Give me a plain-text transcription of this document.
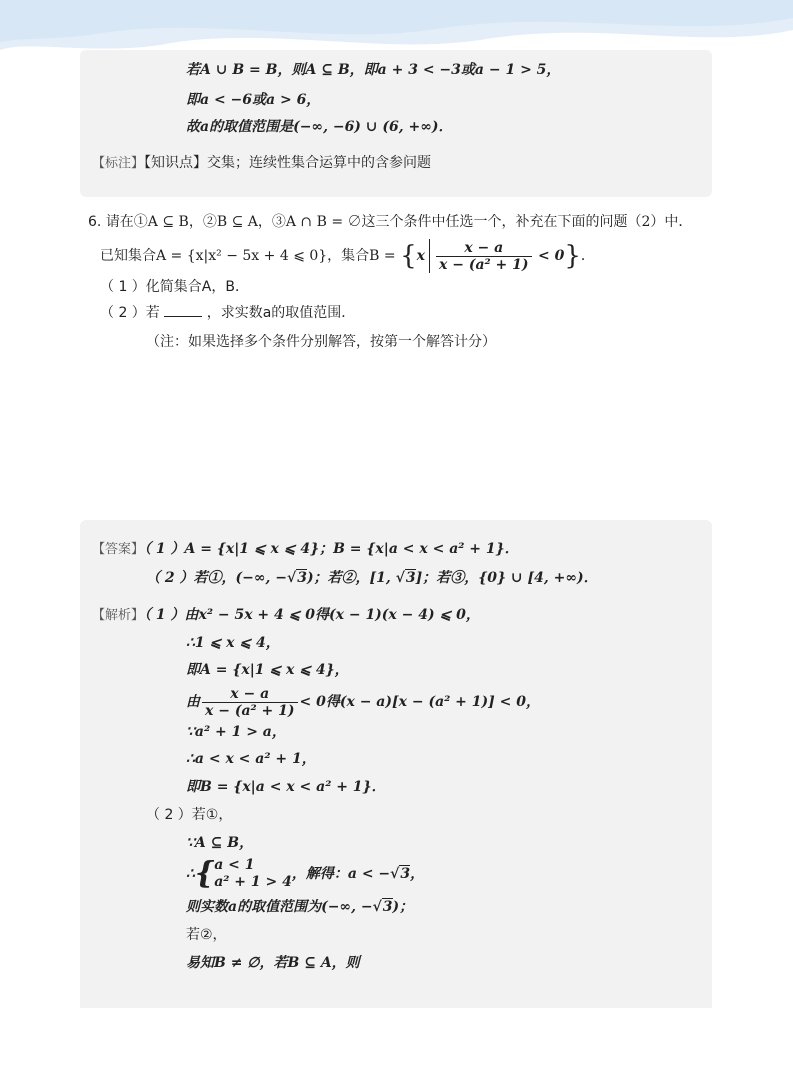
若A ∪ B = B，则A ⊆ B，即a + 3 < −3或a − 1 > 5，
即a < −6或a > 6，
故a的取值范围是(−∞, −6) ∪ (6, +∞)．
【标注】【知识点】交集；连续性集合运算中的含参问题
6. 请在①A ⊆ B，②B ⊆ A，③A ∩ B = ∅这三个条件中任选一个，补充在下面的问题（2）中．
已知集合A = {x|x² − 5x + 4 ⩽ 0}，集合$B = \{x \frac{x - a}{\text{x − (a² + 1)}} < 0\}$．
（ 1 ）化简集合A，B．
（ 2 ）若	，求实数a的取值范围．
（注：如果选择多个条件分别解答，按第一个解答计分）
【答案】（ 1 ）A = {x|1 ⩽ x ⩽ 4}；B = {x|a < x < a² + 1}．
（ 2 ）若①，(−∞, −√3)；若②，[1, √3]；若③，{0} ∪ [4, +∞)．
【解析】（ 1 ）由x² − 5x + 4 ⩽ 0得(x − 1)(x − 4) ⩽ 0，
∴1 ⩽ x ⩽ 4，
即A = {x|1 ⩽ x ⩽ 4}，
由 $\frac{x - a}{\text{x − (a² + 1)}} < 0$得(x − a)[x − (a² + 1)] < 0，
∵a² + 1 > a，
∴a < x < a² + 1，
即B = {x|a < x < a² + 1}．
（ 2 ）若①，
∵A ⊆ B，
∴{ a < 1
a² + 1 > 4 ，解得：a < −√3，
则实数a的取值范围为(−∞, −√3)；
若②，
易知B ≠ ∅，若B ⊆ A，则
